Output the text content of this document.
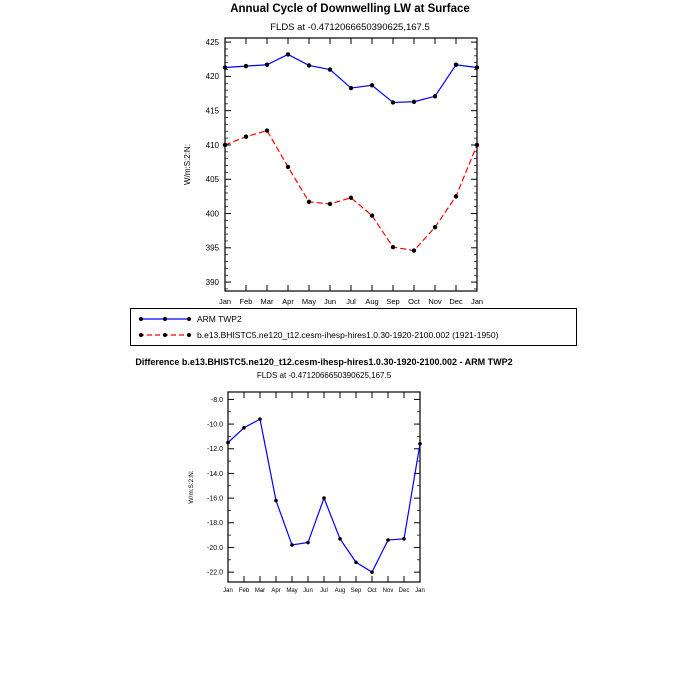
Annual Cycle of Downwelling LW at Surface
FLDS at -0.4712066650390625,167.5
425
420
415
410
405
400
395
390
Jan Feb Mar Apr May Jun Jul Aug Sep Oct Nov Dec Jan
W/m:S:2:N:
ARM TWP2
b.e13.BHISTC5.ne120_t12.cesm-ihesp-hires1.0.30-1920-2100.002 (1921-1950)
Difference b.e13.BHISTC5.ne120_t12.cesm-ihesp-hires1.0.30-1920-2100.002 - ARM TWP2
FLDS at -0.4712066650390625,167.5
-8.0
-10.0
-12.0
-14.0
-16.0
-18.0
-20.0
-22.0
Jan Feb Mar Apr May Jun Jul Aug Sep Oct Nov Dec Jan
W/m:S:2:N:
